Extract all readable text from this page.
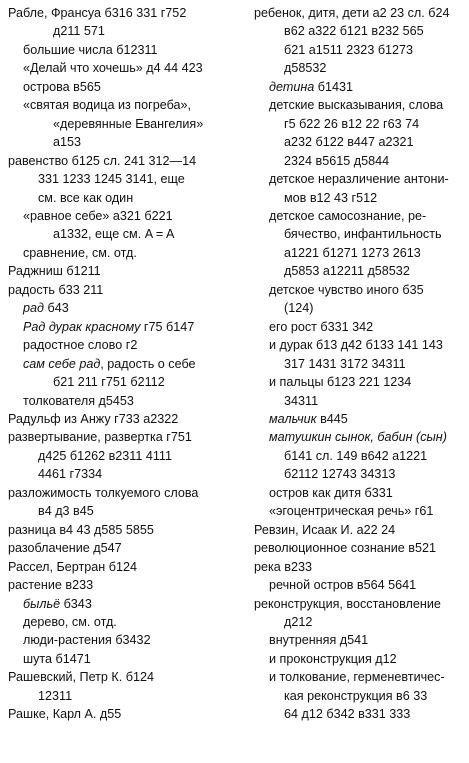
Рабле, Франсуа б316 331 г752
д211 571
большие числа б12311
«Делай что хочешь» д4 44 423
острова в565
«святая водица из погреба»,
«деревянные Евангелия»
а153
равенство б125 сл. 241 312—14
331 1233 1245 3141, еще
см. все как один
«равное себе» а321 б221
а1332, еще см. A = A
сравнение, см. отд.
Раджниш б1211
радость б33 211
рад б43
Рад дурак красному г75 б147
радостное слово г2
сам себе рад, радость о себе
б21 211 г751 б2112
толкователя д5453
Радульф из Анжу г733 а2322
развертывание, развертка г751
д425 б1262 в2311 4111
4461 г7334
разложимость толкуемого слова
в4 д3 в45
разница в4 43 д585 5855
разоблачение д547
Рассел, Бертран б124
растение в233
быльё б343
дерево, см. отд.
люди-растения б3432
шута б1471
Рашевский, Петр К. б124
12311
Рашке, Карл А. д55
ребенок, дитя, дети а2 23 сл. б24
в62 а322 б121 в232 565
б21 а1511 2323 б1273
д58532
детина б1431
детские высказывания, слова
г5 б22 26 в12 22 г63 74
а232 б122 в447 а2321
2324 в5615 д5844
детское неразличение антони-
мов в12 43 г512
детское самосознание, ре-
бячество, инфантильность
а1221 б1271 1273 2613
д5853 а12211 д58532
детское чувство иного б35
(124)
его рост б331 342
и дурак б13 д42 б133 141 143
317 1431 3172 34311
и пальцы б123 221 1234
34311
мальчик в445
матушкин сынок, бабин (сын)
б141 сл. 149 в642 а1221
б2112 12743 34313
остров как дитя б331
«эгоцентрическая речь» г61
Ревзин, Исаак И. а22 24
революционное сознание в521
река в233
речной остров в564 5641
реконструкция, восстановление
д212
внутренняя д541
и проконструкция д12
и толкование, герменевтичес-
кая реконструкция в6 33
64 д12 б342 в331 333
